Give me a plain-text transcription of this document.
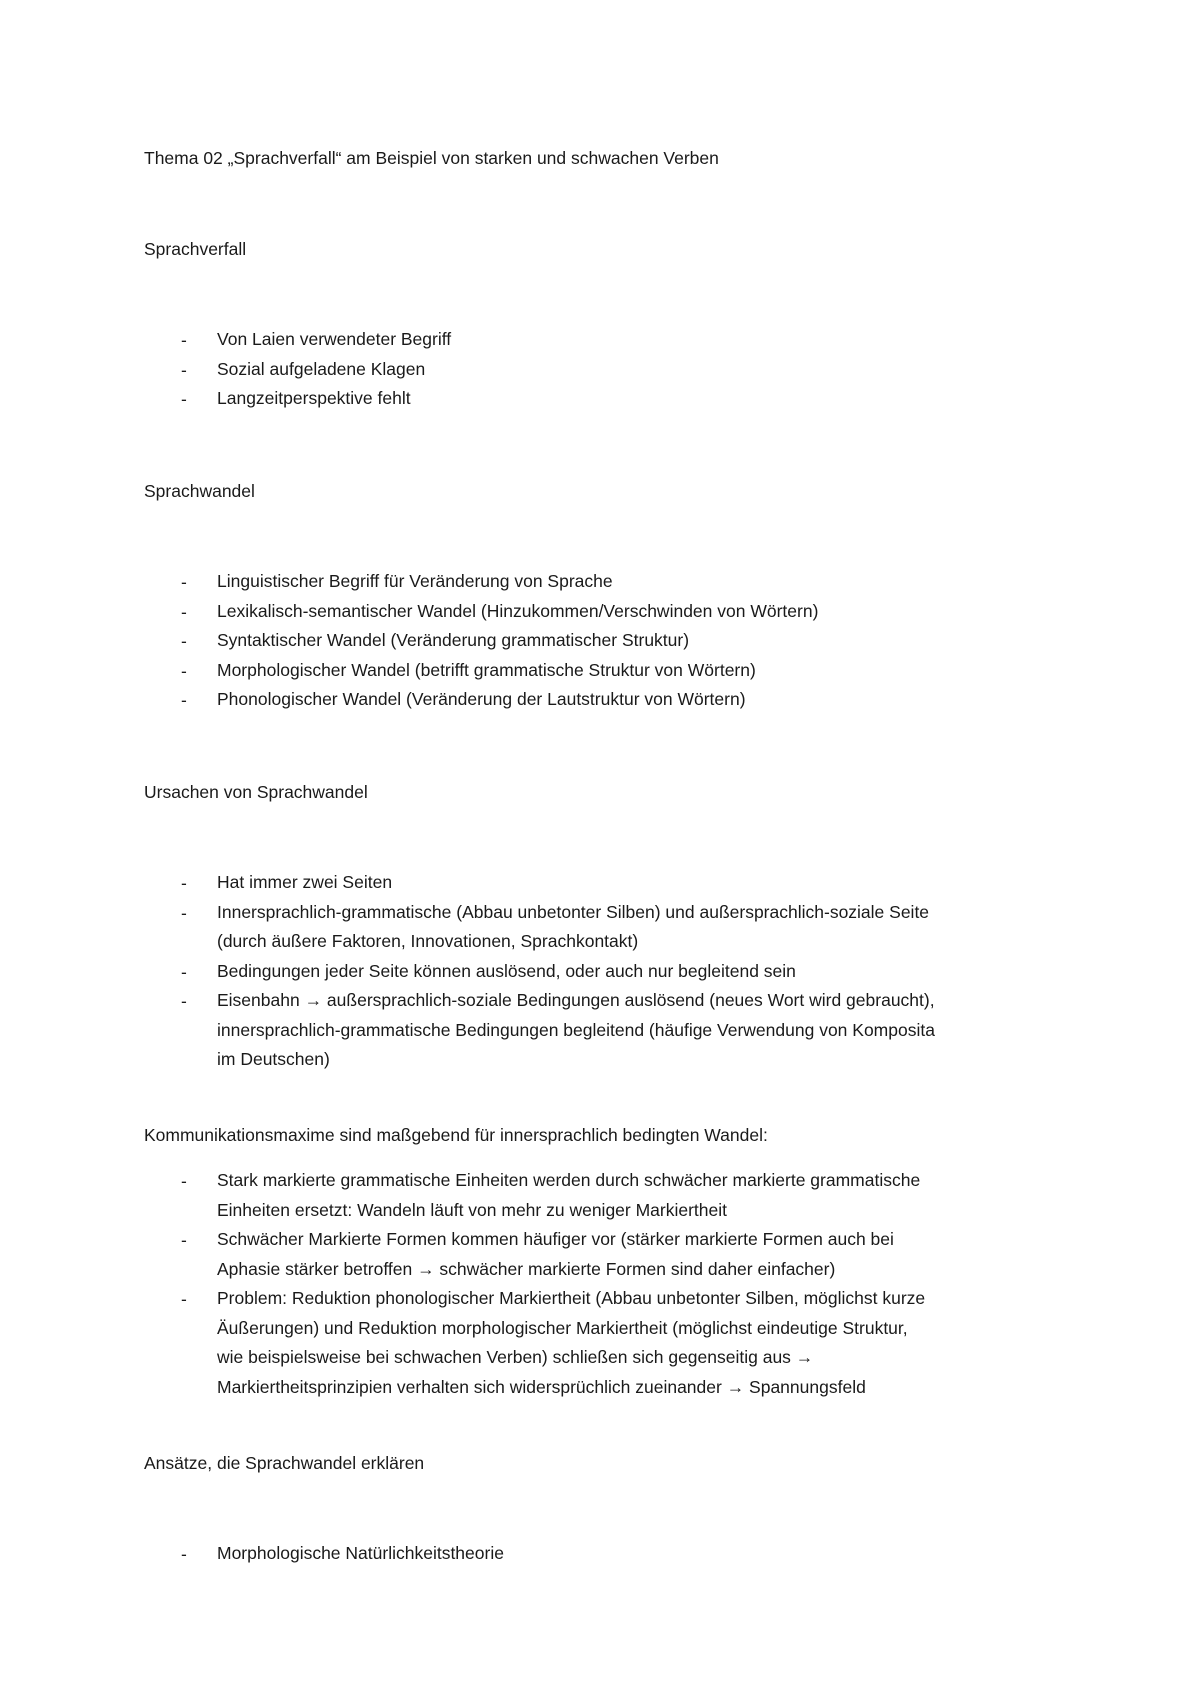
Thema 02 „Sprachverfall“ am Beispiel von starken und schwachen Verben
Sprachverfall
- Von Laien verwendeter Begriff
- Sozial aufgeladene Klagen
- Langzeitperspektive fehlt
Sprachwandel
- Linguistischer Begriff für Veränderung von Sprache
- Lexikalisch-semantischer Wandel (Hinzukommen/Verschwinden von Wörtern)
- Syntaktischer Wandel (Veränderung grammatischer Struktur)
- Morphologischer Wandel (betrifft grammatische Struktur von Wörtern)
- Phonologischer Wandel (Veränderung der Lautstruktur von Wörtern)
Ursachen von Sprachwandel
- Hat immer zwei Seiten
- Innersprachlich-grammatische (Abbau unbetonter Silben) und außersprachlich-soziale Seite
(durch äußere Faktoren, Innovationen, Sprachkontakt)
- Bedingungen jeder Seite können auslösend, oder auch nur begleitend sein
- Eisenbahn → außersprachlich-soziale Bedingungen auslösend (neues Wort wird gebraucht),
innersprachlich-grammatische Bedingungen begleitend (häufige Verwendung von Komposita
im Deutschen)
Kommunikationsmaxime sind maßgebend für innersprachlich bedingten Wandel:
- Stark markierte grammatische Einheiten werden durch schwächer markierte grammatische
Einheiten ersetzt: Wandeln läuft von mehr zu weniger Markiertheit
- Schwächer Markierte Formen kommen häufiger vor (stärker markierte Formen auch bei
Aphasie stärker betroffen → schwächer markierte Formen sind daher einfacher)
- Problem: Reduktion phonologischer Markiertheit (Abbau unbetonter Silben, möglichst kurze
Äußerungen) und Reduktion morphologischer Markiertheit (möglichst eindeutige Struktur,
wie beispielsweise bei schwachen Verben) schließen sich gegenseitig aus →
Markiertheitsprinzipien verhalten sich widersprüchlich zueinander → Spannungsfeld
Ansätze, die Sprachwandel erklären
- Morphologische Natürlichkeitstheorie
